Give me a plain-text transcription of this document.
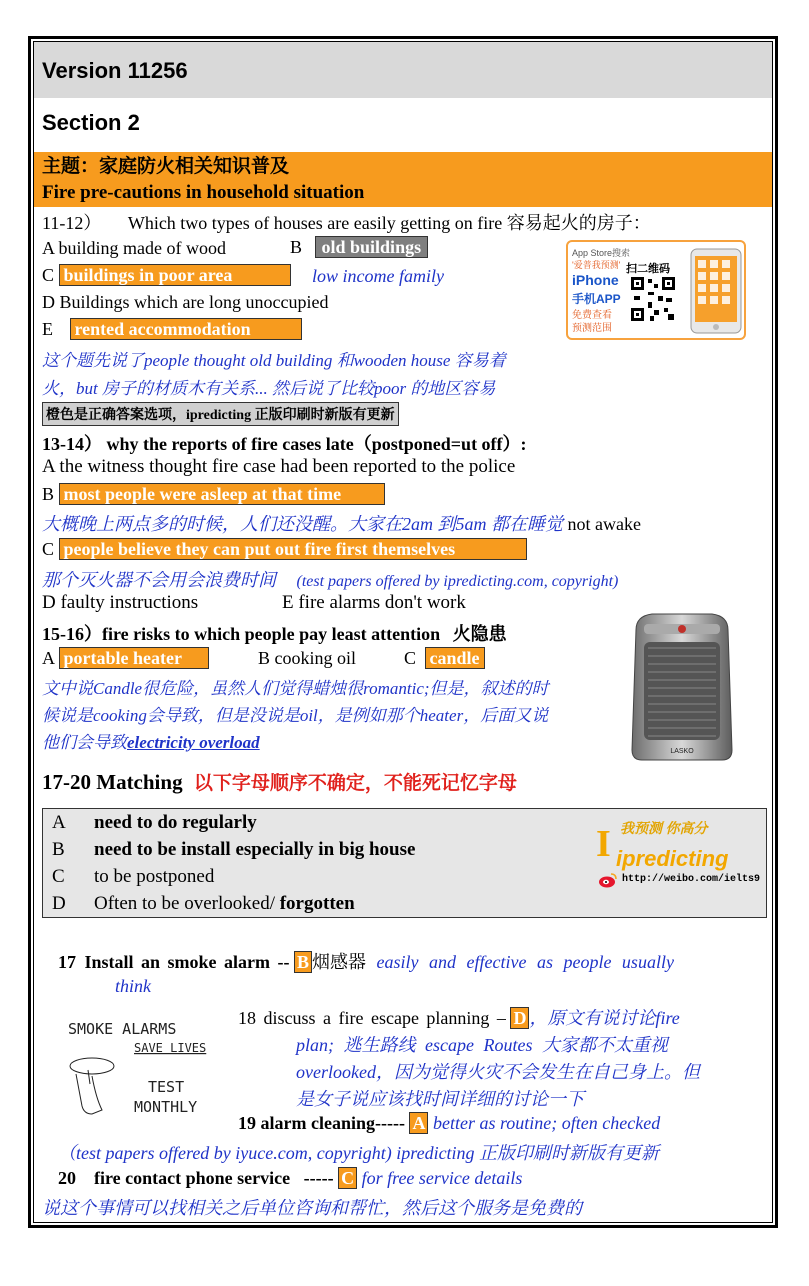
Version 11256
Section 2
主题：家庭防火相关知识普及
Fire pre-cautions in household situation
11-12） Which two types of houses are easily getting on fire 容易起火的房子：
A building made of wood	B old buildings
C buildings in poor area	low income family
D Buildings which are long unoccupied
E rented accommodation
这个题先说了people thought old building 和wooden house 容易着
火，but 房子的材质木有关系... 然后说了比较poor 的地区容易
橙色是正确答案选项，ipredicting 正版印刷时新版有更新
App Store搜索
'爱普我预测'
iPhone
手机APP
免费查看
预测范围
扫二维码
13-14） why the reports of fire cases late（postponed=ut off）:
A the witness thought fire case had been reported to the police
B most people were asleep at that time
大概晚上两点多的时候，人们还没醒。大家在2am 到5am 都在睡觉 not awake
C people believe they can put out fire first themselves
那个灭火器不会用会浪费时间 (test papers offered by ipredicting.com, copyright)
D faulty instructions	E fire alarms don't work
15-16）fire risks to which people pay least attention 火隐患
A portable heater	B cooking oil	C candle
文中说Candle很危险，虽然人们觉得蜡烛很romantic;但是，叙述的时
候说是cooking会导致，但是没说是oil，是例如那个heater，后面又说
他们会导致electricity overload	LASKO
17-20 Matching 以下字母顺序不确定，不能死记忆字母
A need to do regularly
B need to be install especially in big house
C to be postponed
D Often to be overlooked/ forgotten
我预测 你高分
I ipredicting
http://weibo.com/ielts9
17 Install an smoke alarm -- B 烟感器 easily and effective as people usually
think
SMOKE ALARMS
SAVE LIVES
TEST
MONTHLY
18 discuss a fire escape planning – D ，原文有说讨论fire
plan; 逃生路线 escape Routes 大家都不太重视
overlooked，因为觉得火灾不会发生在自己身上。但
是女子说应该找时间详细的讨论一下
19 alarm cleaning----- A better as routine; often checked
（test papers offered by iyuce.com, copyright) ipredicting 正版印刷时新版有更新
20    fire contact phone service   ----- C for free service details
说这个事情可以找相关之后单位咨询和帮忙，然后这个服务是免费的
